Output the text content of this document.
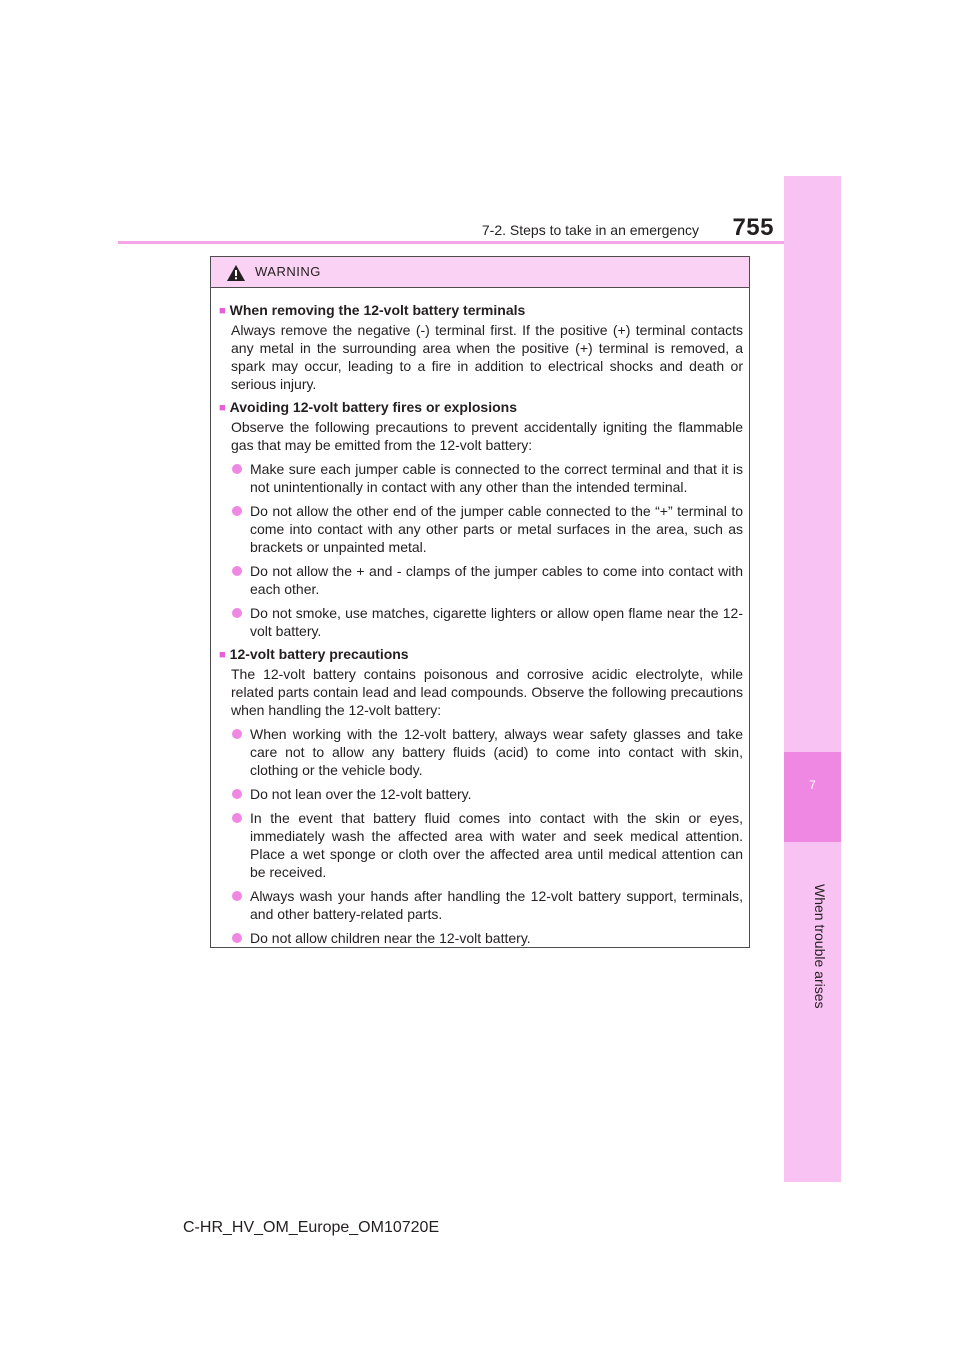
7-2. Steps to take in an emergency	755
7
When trouble arises
WARNING
■ When removing the 12-volt battery terminals
Always remove the negative (-) terminal first. If the positive (+) terminal contacts any metal in the surrounding area when the positive (+) terminal is removed, a spark may occur, leading to a fire in addition to electrical shocks and death or serious injury.
■ Avoiding 12-volt battery fires or explosions
Observe the following precautions to prevent accidentally igniting the flammable gas that may be emitted from the 12-volt battery:
Make sure each jumper cable is connected to the correct terminal and that it is not unintentionally in contact with any other than the intended terminal.
Do not allow the other end of the jumper cable connected to the “+” terminal to come into contact with any other parts or metal surfaces in the area, such as brackets or unpainted metal.
Do not allow the + and - clamps of the jumper cables to come into contact with each other.
Do not smoke, use matches, cigarette lighters or allow open flame near the 12-volt battery.
■ 12-volt battery precautions
The 12-volt battery contains poisonous and corrosive acidic electrolyte, while related parts contain lead and lead compounds. Observe the following precautions when handling the 12-volt battery:
When working with the 12-volt battery, always wear safety glasses and take care not to allow any battery fluids (acid) to come into contact with skin, clothing or the vehicle body.
Do not lean over the 12-volt battery.
In the event that battery fluid comes into contact with the skin or eyes, immediately wash the affected area with water and seek medical attention. Place a wet sponge or cloth over the affected area until medical attention can be received.
Always wash your hands after handling the 12-volt battery support, terminals, and other battery-related parts.
Do not allow children near the 12-volt battery.
C-HR_HV_OM_Europe_OM10720E
